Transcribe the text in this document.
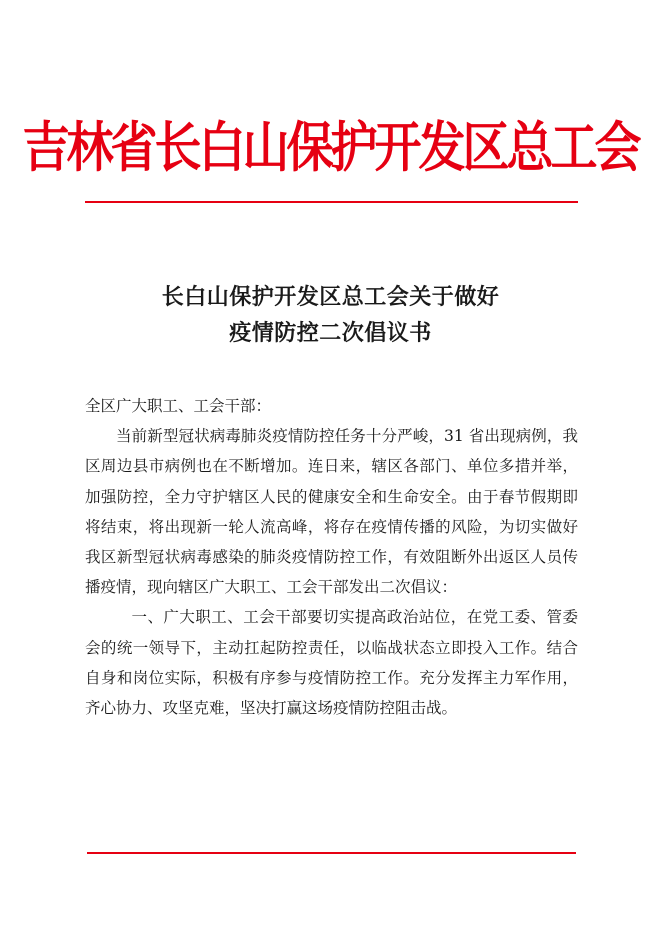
吉林省长白山保护开发区总工会
长白山保护开发区总工会关于做好
疫情防控二次倡议书

全区广大职工、工会干部：

当前新型冠状病毒肺炎疫情防控任务十分严峻，31 省出现病例，我区周边县市病例也在不断增加。连日来，辖区各部门、单位多措并举，加强防控，全力守护辖区人民的健康安全和生命安全。由于春节假期即将结束，将出现新一轮人流高峰，将存在疫情传播的风险，为切实做好我区新型冠状病毒感染的肺炎疫情防控工作，有效阻断外出返区人员传播疫情，现向辖区广大职工、工会干部发出二次倡议：

一、广大职工、工会干部要切实提高政治站位，在党工委、管委会的统一领导下，主动扛起防控责任，以临战状态立即投入工作。结合自身和岗位实际，积极有序参与疫情防控工作。充分发挥主力军作用，齐心协力、攻坚克难，坚决打赢这场疫情防控阻击战。
